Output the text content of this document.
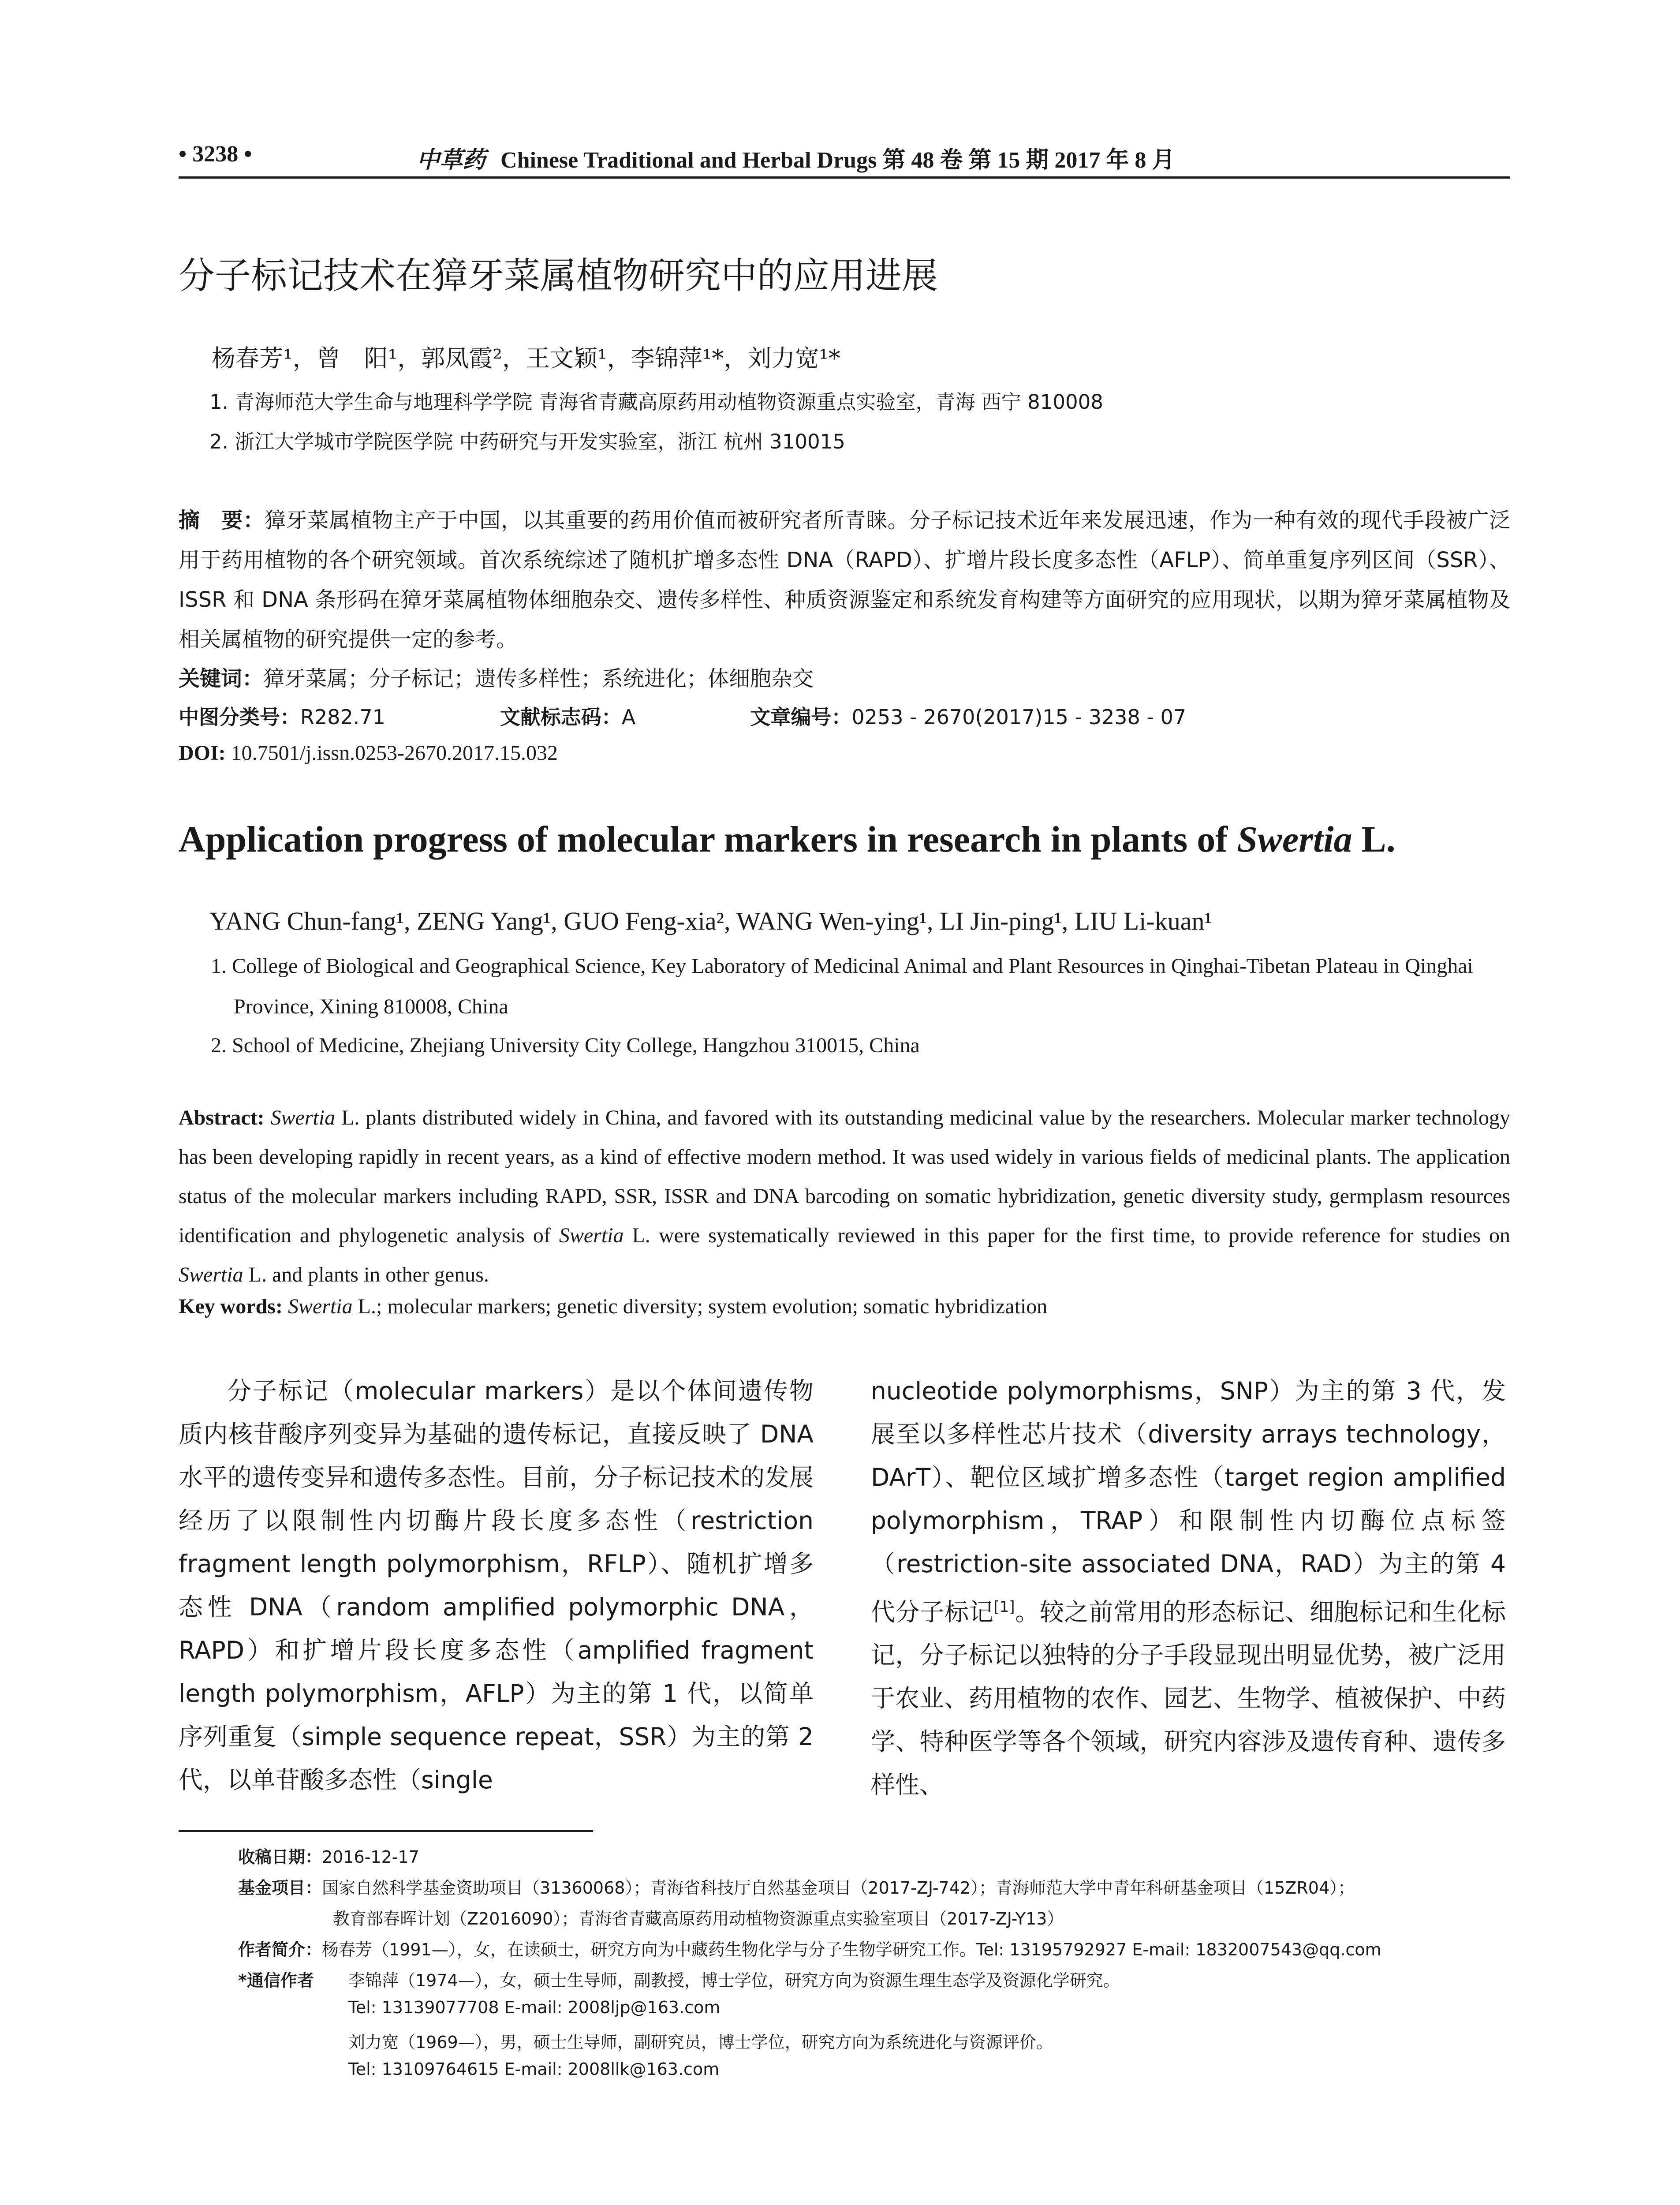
• 3238 •	中草药 Chinese Traditional and Herbal Drugs 第 48 卷 第 15 期 2017 年 8 月
分子标记技术在獐牙菜属植物研究中的应用进展
杨春芳¹，曾　阳¹，郭凤霞²，王文颖¹，李锦萍¹*，刘力宽¹*
1. 青海师范大学生命与地理科学学院 青海省青藏高原药用动植物资源重点实验室，青海 西宁 810008
2. 浙江大学城市学院医学院 中药研究与开发实验室，浙江 杭州 310015
摘　要：獐牙菜属植物主产于中国，以其重要的药用价值而被研究者所青睐。分子标记技术近年来发展迅速，作为一种有效的现代手段被广泛用于药用植物的各个研究领域。首次系统综述了随机扩增多态性 DNA（RAPD）、扩增片段长度多态性（AFLP）、简单重复序列区间（SSR）、ISSR 和 DNA 条形码在獐牙菜属植物体细胞杂交、遗传多样性、种质资源鉴定和系统发育构建等方面研究的应用现状，以期为獐牙菜属植物及相关属植物的研究提供一定的参考。
关键词：獐牙菜属；分子标记；遗传多样性；系统进化；体细胞杂交
中图分类号：R282.71	文献标志码：A	文章编号：0253 - 2670(2017)15 - 3238 - 07
DOI: 10.7501/j.issn.0253-2670.2017.15.032
Application progress of molecular markers in research in plants of Swertia L.
YANG Chun-fang¹, ZENG Yang¹, GUO Feng-xia², WANG Wen-ying¹, LI Jin-ping¹, LIU Li-kuan¹
1. College of Biological and Geographical Science, Key Laboratory of Medicinal Animal and Plant Resources in Qinghai-Tibetan Plateau in Qinghai Province, Xining 810008, China
2. School of Medicine, Zhejiang University City College, Hangzhou 310015, China
Abstract: Swertia L. plants distributed widely in China, and favored with its outstanding medicinal value by the researchers. Molecular marker technology has been developing rapidly in recent years, as a kind of effective modern method. It was used widely in various fields of medicinal plants. The application status of the molecular markers including RAPD, SSR, ISSR and DNA barcoding on somatic hybridization, genetic diversity study, germplasm resources identification and phylogenetic analysis of Swertia L. were systematically reviewed in this paper for the first time, to provide reference for studies on Swertia L. and plants in other genus.
Key words: Swertia L.; molecular markers; genetic diversity; system evolution; somatic hybridization
分子标记（molecular markers）是以个体间遗传物质内核苷酸序列变异为基础的遗传标记，直接反映了 DNA 水平的遗传变异和遗传多态性。目前，分子标记技术的发展经历了以限制性内切酶片段长度多态性（restriction fragment length polymorphism，RFLP）、随机扩增多态性 DNA（random amplified polymorphic DNA，RAPD）和扩增片段长度多态性（amplified fragment length polymorphism，AFLP）为主的第 1 代，以简单序列重复（simple sequence repeat，SSR）为主的第 2 代，以单苷酸多态性（single
nucleotide polymorphisms，SNP）为主的第 3 代，发展至以多样性芯片技术（diversity arrays technology，DArT）、靶位区域扩增多态性（target region amplified polymorphism，TRAP）和限制性内切酶位点标签（restriction-site associated DNA，RAD）为主的第 4 代分子标记[1]。较之前常用的形态标记、细胞标记和生化标记，分子标记以独特的分子手段显现出明显优势，被广泛用于农业、药用植物的农作、园艺、生物学、植被保护、中药学、特种医学等各个领域，研究内容涉及遗传育种、遗传多样性、
收稿日期：2016-12-17
基金项目：国家自然科学基金资助项目（31360068）；青海省科技厅自然基金项目（2017-ZJ-742）；青海师范大学中青年科研基金项目（15ZR04）；
教育部春晖计划（Z2016090）；青海省青藏高原药用动植物资源重点实验室项目（2017-ZJ-Y13）
作者简介：杨春芳（1991—），女，在读硕士，研究方向为中藏药生物化学与分子生物学研究工作。Tel: 13195792927 E-mail: 1832007543@qq.com
*通信作者 李锦萍（1974—），女，硕士生导师，副教授，博士学位，研究方向为资源生理生态学及资源化学研究。
Tel: 13139077708 E-mail: 2008ljp@163.com
刘力宽（1969—），男，硕士生导师，副研究员，博士学位，研究方向为系统进化与资源评价。
Tel: 13109764615 E-mail: 2008llk@163.com
